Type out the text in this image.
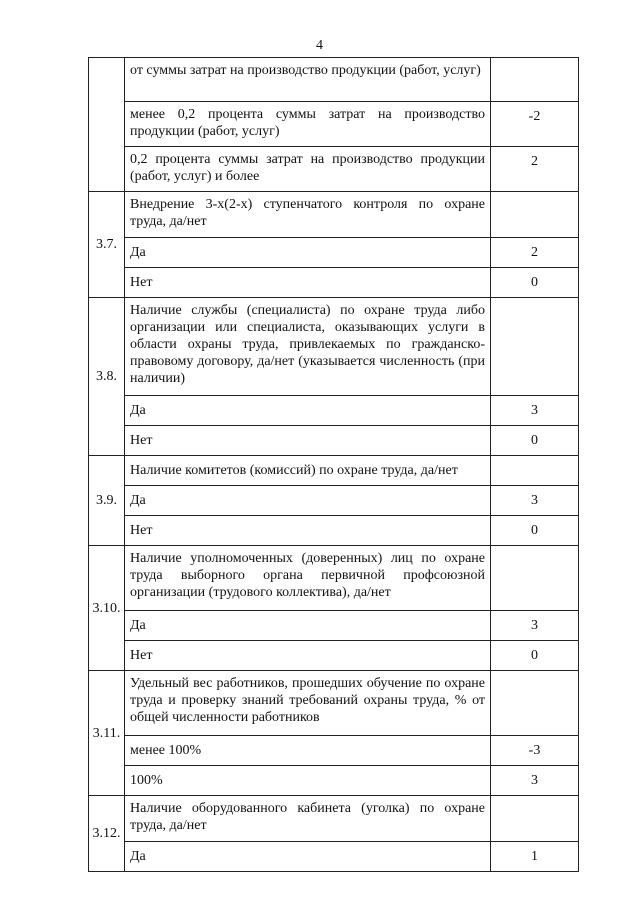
4
	от суммы затрат на производство продукции (работ, услуг)	
	менее 0,2 процента суммы затрат на производство продукции (работ, услуг)	-2
	0,2 процента суммы затрат на производство продукции (работ, услуг) и более	2
3.7.	Внедрение 3-х(2-х) ступенчатого контроля по охране труда, да/нет	
	Да	2
	Нет	0
3.8.	Наличие службы (специалиста) по охране труда либо организации или специалиста, оказывающих услуги в области охраны труда, привлекаемых по гражданско-правовому договору, да/нет (указывается численность (при наличии)	
	Да	3
	Нет	0
3.9.	Наличие комитетов (комиссий) по охране труда, да/нет	
	Да	3
	Нет	0
3.10.	Наличие уполномоченных (доверенных) лиц по охране труда выборного органа первичной профсоюзной организации (трудового коллектива), да/нет	
	Да	3
	Нет	0
3.11.	Удельный вес работников, прошедших обучение по охране труда и проверку знаний требований охраны труда, % от общей численности работников	
	менее 100%	-3
	100%	3
3.12.	Наличие оборудованного кабинета (уголка) по охране труда, да/нет	
	Да	1
